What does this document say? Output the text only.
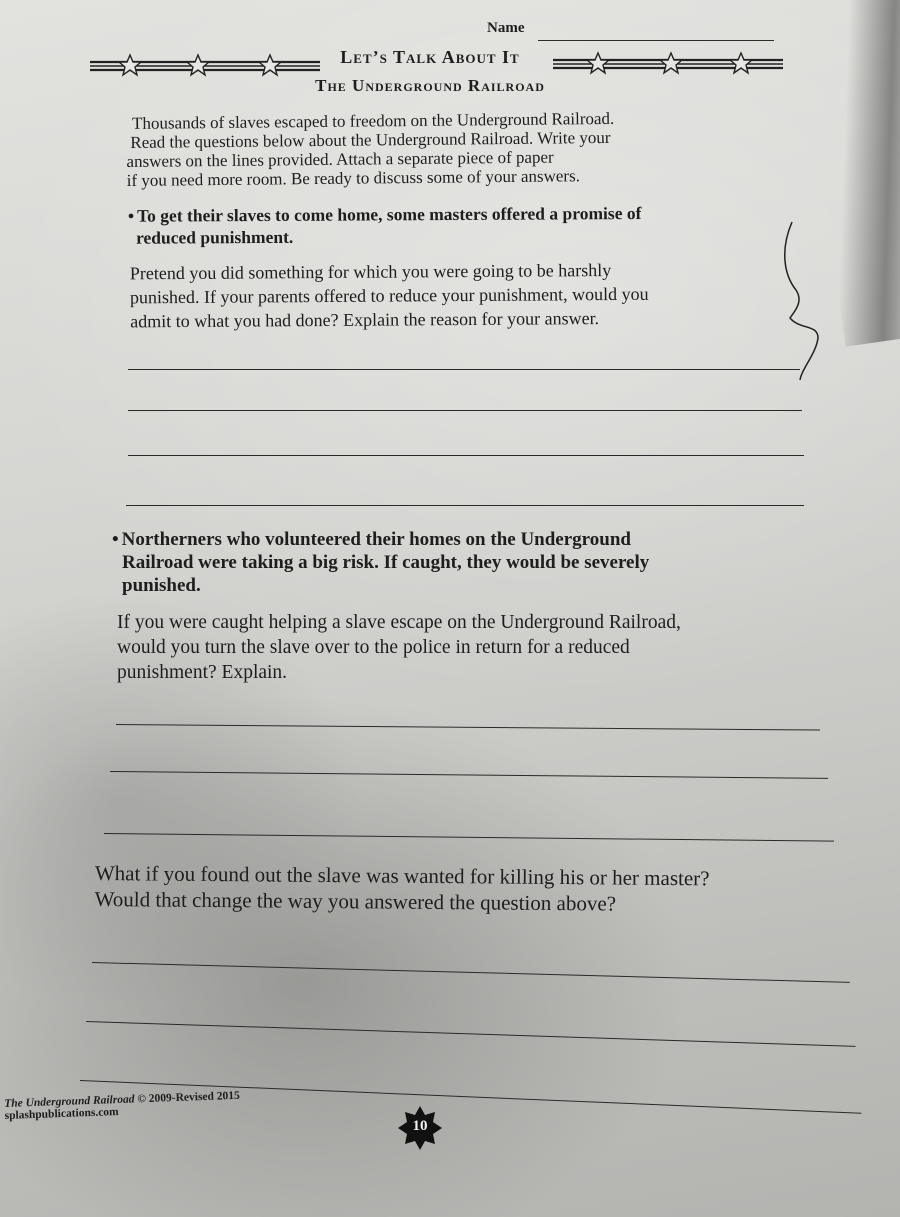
Name
Let’s Talk About It
The Underground Railroad
Thousands of slaves escaped to freedom on the Underground Railroad.
Read the questions below about the Underground Railroad. Write your
answers on the lines provided. Attach a separate piece of paper
if you need more room. Be ready to discuss some of your answers.
• To get their slaves to come home, some masters offered a promise of
reduced punishment.
Pretend you did something for which you were going to be harshly
punished. If your parents offered to reduce your punishment, would you
admit to what you had done? Explain the reason for your answer.
• Northerners who volunteered their homes on the Underground
Railroad were taking a big risk. If caught, they would be severely
punished.
If you were caught helping a slave escape on the Underground Railroad,
would you turn the slave over to the police in return for a reduced
punishment? Explain.
What if you found out the slave was wanted for killing his or her master?
Would that change the way you answered the question above?
The Underground Railroad © 2009-Revised 2015
splashpublications.com
10
